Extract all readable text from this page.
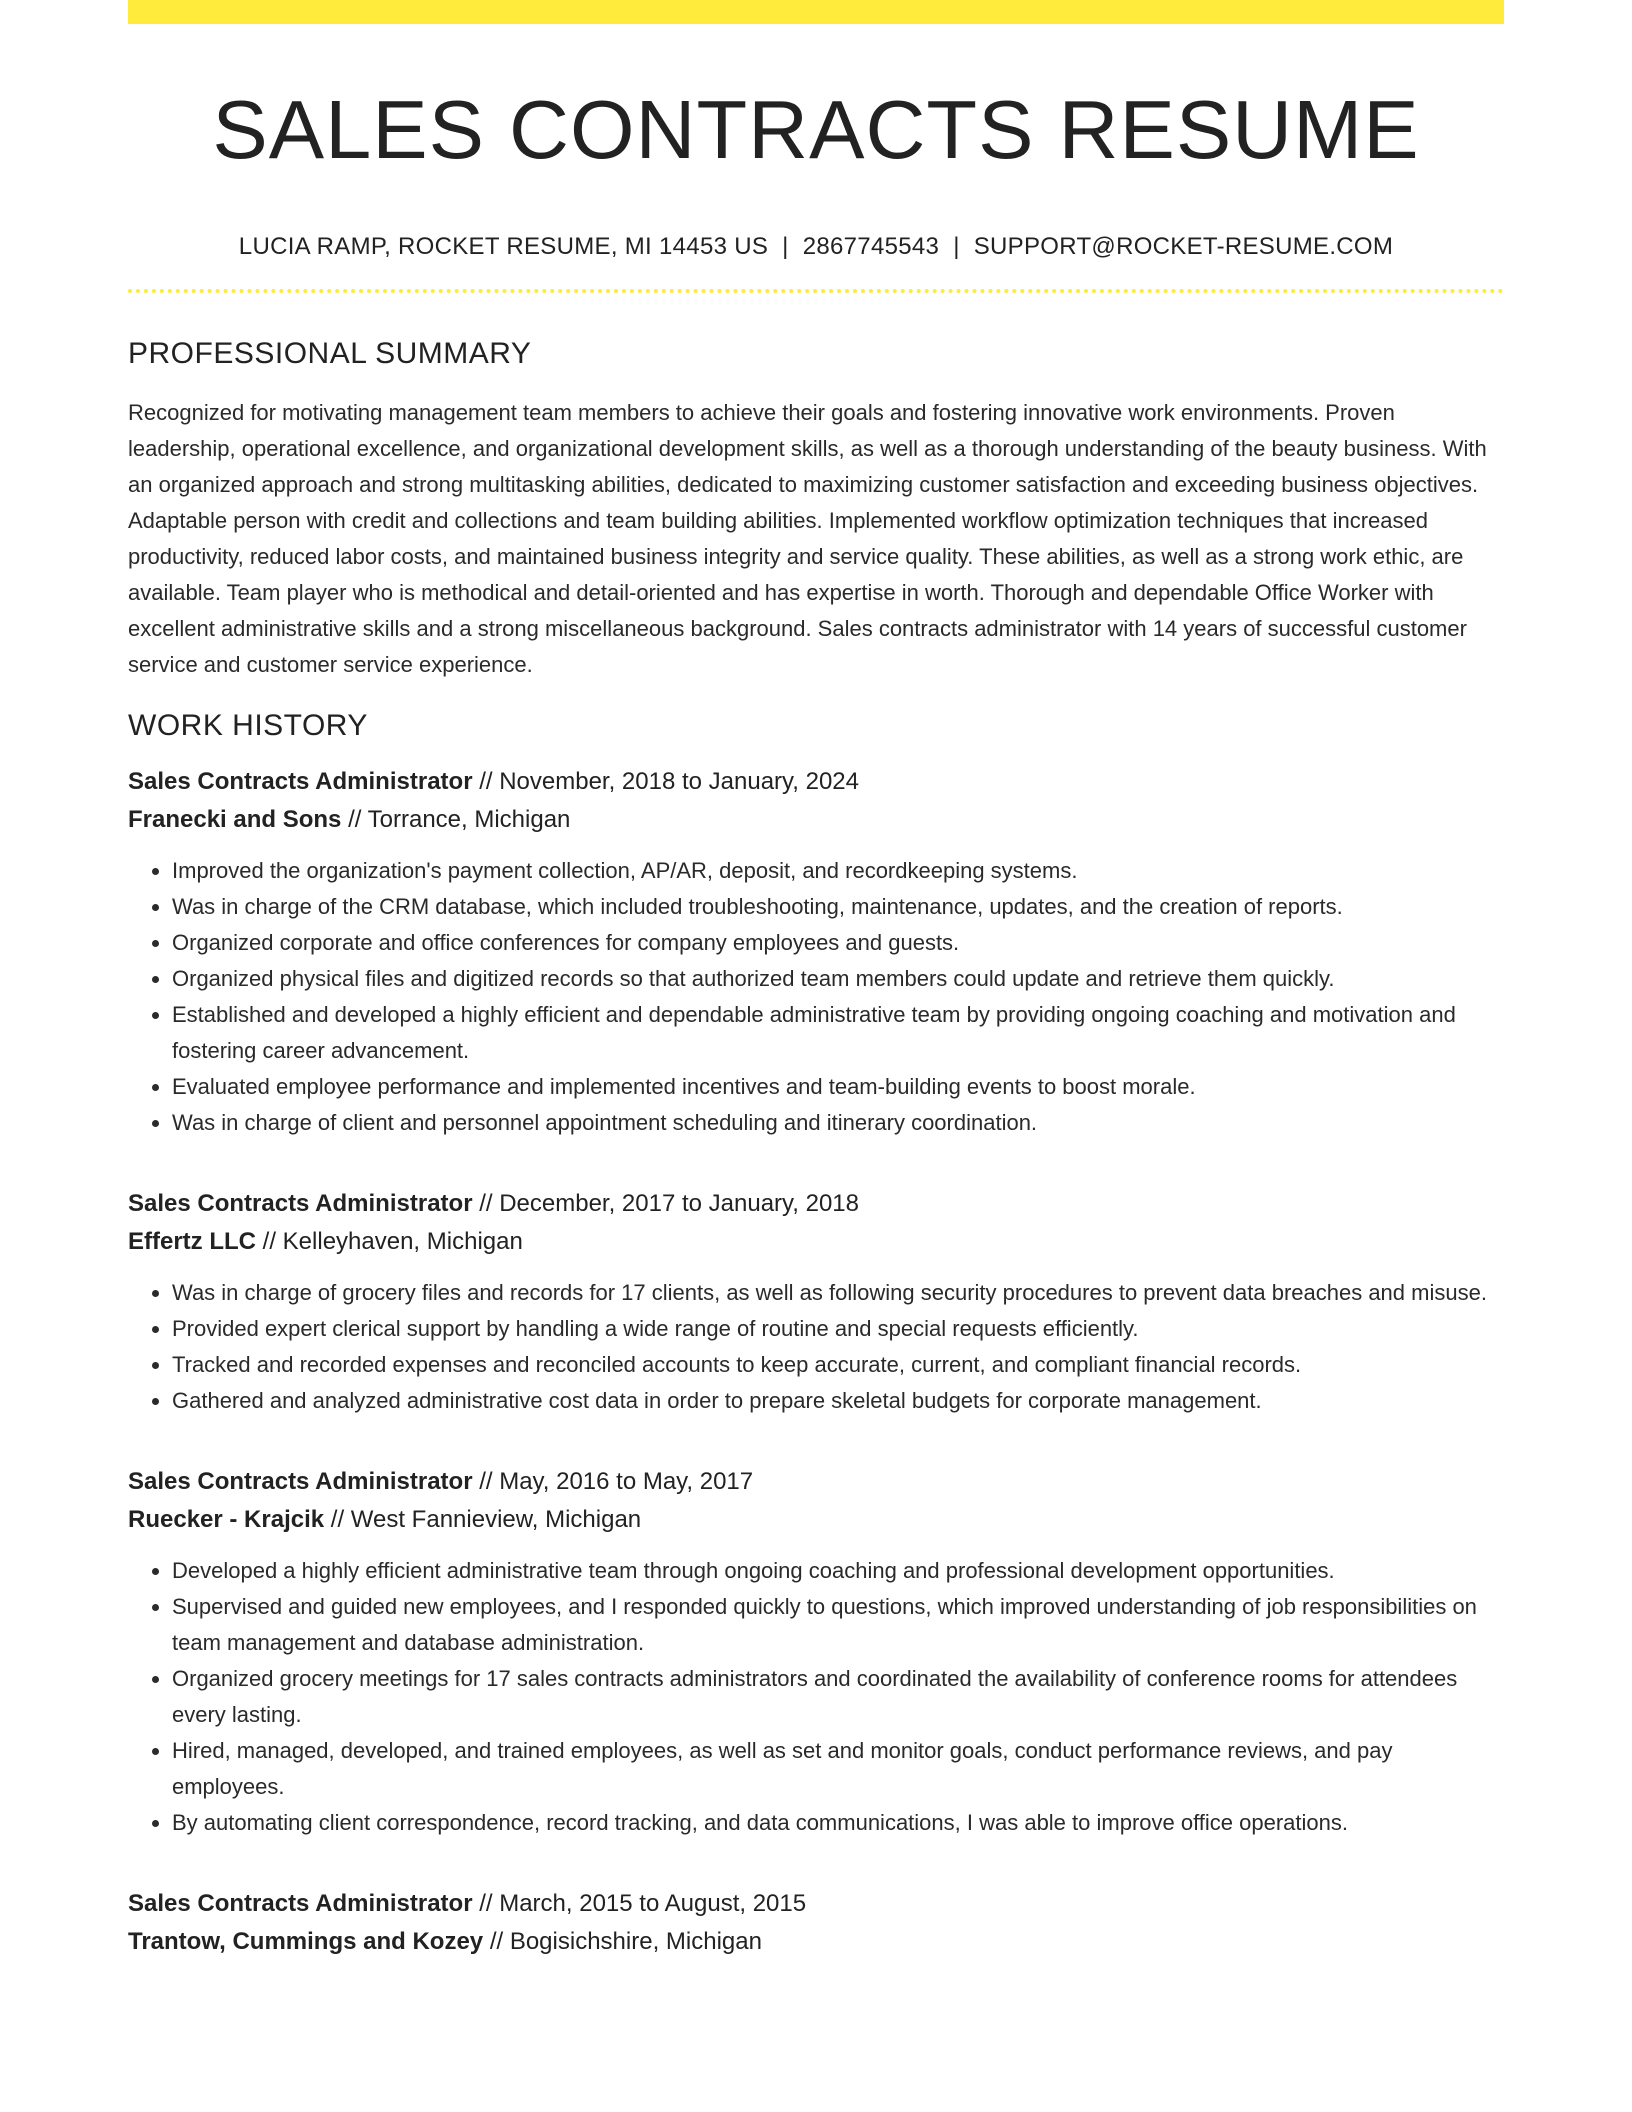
SALES CONTRACTS RESUME
LUCIA RAMP, ROCKET RESUME, MI 14453 US | 2867745543 | SUPPORT@ROCKET-RESUME.COM
PROFESSIONAL SUMMARY

Recognized for motivating management team members to achieve their goals and fostering innovative work environments. Proven leadership, operational excellence, and organizational development skills, as well as a thorough understanding of the beauty business. With an organized approach and strong multitasking abilities, dedicated to maximizing customer satisfaction and exceeding business objectives. Adaptable person with credit and collections and team building abilities. Implemented workflow optimization techniques that increased productivity, reduced labor costs, and maintained business integrity and service quality. These abilities, as well as a strong work ethic, are available. Team player who is methodical and detail-oriented and has expertise in worth. Thorough and dependable Office Worker with excellent administrative skills and a strong miscellaneous background. Sales contracts administrator with 14 years of successful customer service and customer service experience.

WORK HISTORY
Sales Contracts Administrator // November, 2018 to January, 2024
Franecki and Sons // Torrance, Michigan
• Improved the organization's payment collection, AP/AR, deposit, and recordkeeping systems.
• Was in charge of the CRM database, which included troubleshooting, maintenance, updates, and the creation of reports.
• Organized corporate and office conferences for company employees and guests.
• Organized physical files and digitized records so that authorized team members could update and retrieve them quickly.
• Established and developed a highly efficient and dependable administrative team by providing ongoing coaching and motivation and fostering career advancement.
• Evaluated employee performance and implemented incentives and team-building events to boost morale.
• Was in charge of client and personnel appointment scheduling and itinerary coordination.
Sales Contracts Administrator // December, 2017 to January, 2018
Effertz LLC // Kelleyhaven, Michigan
• Was in charge of grocery files and records for 17 clients, as well as following security procedures to prevent data breaches and misuse.
• Provided expert clerical support by handling a wide range of routine and special requests efficiently.
• Tracked and recorded expenses and reconciled accounts to keep accurate, current, and compliant financial records.
• Gathered and analyzed administrative cost data in order to prepare skeletal budgets for corporate management.
Sales Contracts Administrator // May, 2016 to May, 2017
Ruecker - Krajcik // West Fannieview, Michigan
• Developed a highly efficient administrative team through ongoing coaching and professional development opportunities.
• Supervised and guided new employees, and I responded quickly to questions, which improved understanding of job responsibilities on team management and database administration.
• Organized grocery meetings for 17 sales contracts administrators and coordinated the availability of conference rooms for attendees every lasting.
• Hired, managed, developed, and trained employees, as well as set and monitor goals, conduct performance reviews, and pay employees.
• By automating client correspondence, record tracking, and data communications, I was able to improve office operations.
Sales Contracts Administrator // March, 2015 to August, 2015
Trantow, Cummings and Kozey // Bogisichshire, Michigan
